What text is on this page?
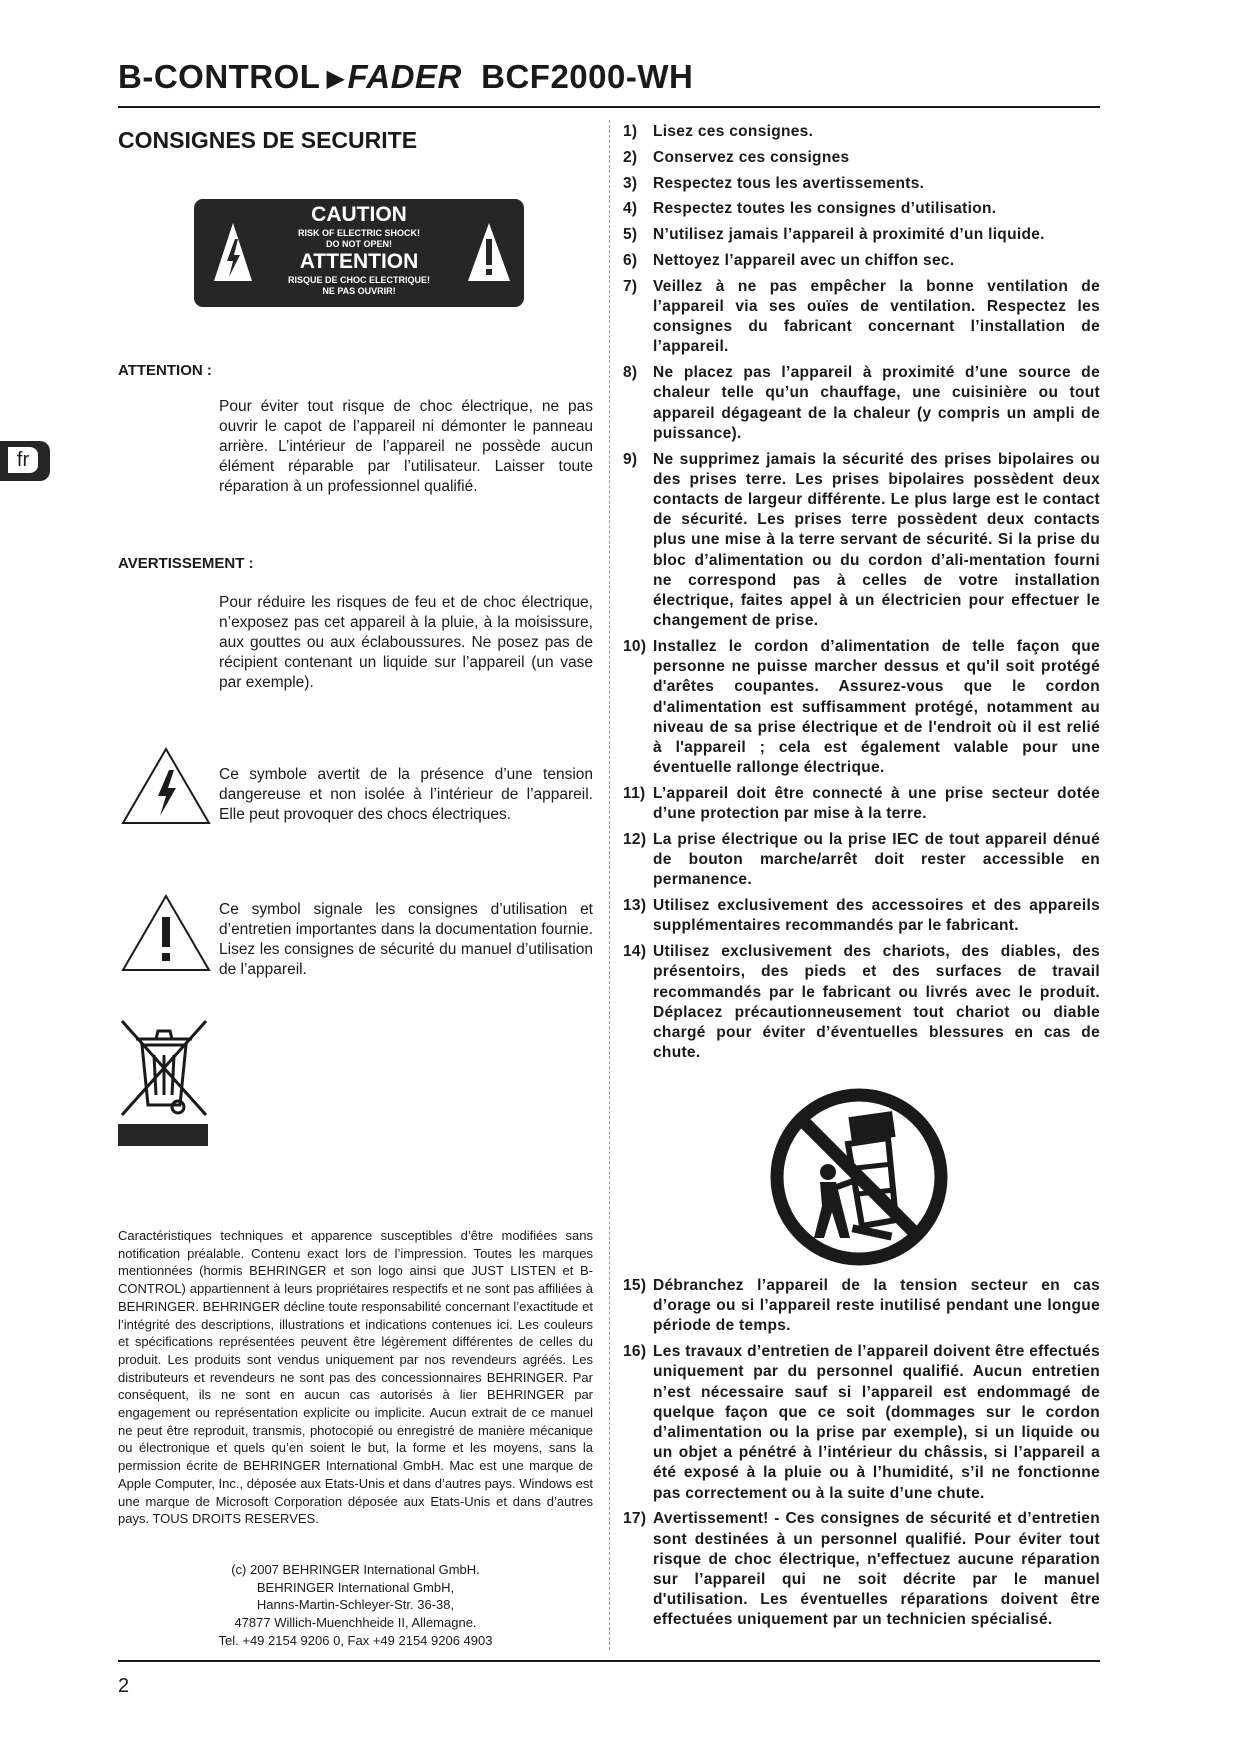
B-CONTROL ▶FADER BCF2000-WH
fr
CONSIGNES DE SECURITE
CAUTION
RISK OF ELECTRIC SHOCK!
DO NOT OPEN!
ATTENTION
RISQUE DE CHOC ELECTRIQUE!
NE PAS OUVRIR!
ATTENTION :
Pour éviter tout risque de choc électrique, ne pas ouvrir le capot de l’appareil ni démonter le panneau arrière. L’intérieur de l’appareil ne possède aucun élément réparable par l’utilisateur. Laisser toute réparation à un professionnel qualifié.
AVERTISSEMENT :
Pour réduire les risques de feu et de choc électrique, n’exposez pas cet appareil à la pluie, à la moisissure, aux gouttes ou aux éclaboussures. Ne posez pas de récipient contenant un liquide sur l’appareil (un vase par exemple).
Ce symbole avertit de la présence d’une tension dangereuse et non isolée à l’intérieur de l’appareil. Elle peut provoquer des chocs électriques.
Ce symbol signale les consignes d’utilisation et d’entretien importantes dans la documentation fournie. Lisez les consignes de sécurité du manuel d’utilisation de l’appareil.
Caractéristiques techniques et apparence susceptibles d’être modifiées sans notification préalable. Contenu exact lors de l’impression. Toutes les marques mentionnées (hormis BEHRINGER et son logo ainsi que JUST LISTEN et B-CONTROL) appartiennent à leurs propriétaires respectifs et ne sont pas affiliées à BEHRINGER. BEHRINGER décline toute responsabilité concernant l’exactitude et l’intégrité des descriptions, illustrations et indications contenues ici. Les couleurs et spécifications représentées peuvent être légèrement différentes de celles du produit. Les produits sont vendus uniquement par nos revendeurs agréés. Les distributeurs et revendeurs ne sont pas des concessionnaires BEHRINGER. Par conséquent, ils ne sont en aucun cas autorisés à lier BEHRINGER par engagement ou représentation explicite ou implicite. Aucun extrait de ce manuel ne peut être reproduit, transmis, photocopié ou enregistré de manière mécanique ou électronique et quels qu’en soient le but, la forme et les moyens, sans la permission écrite de BEHRINGER International GmbH. Mac est une marque de Apple Computer, Inc., déposée aux Etats-Unis et dans d’autres pays. Windows est une marque de Microsoft Corporation déposée aux Etats-Unis et dans d’autres pays. TOUS DROITS RESERVES.
(c) 2007 BEHRINGER International GmbH.
BEHRINGER International GmbH,
Hanns-Martin-Schleyer-Str. 36-38,
47877 Willich-Muenchheide II, Allemagne.
Tel. +49 2154 9206 0, Fax +49 2154 9206 4903
1) Lisez ces consignes.
2) Conservez ces consignes
3) Respectez tous les avertissements.
4) Respectez toutes les consignes d’utilisation.
5) N’utilisez jamais l’appareil à proximité d’un liquide.
6) Nettoyez l’appareil avec un chiffon sec.
7) Veillez à ne pas empêcher la bonne ventilation de l’appareil via ses ouïes de ventilation. Respectez les consignes du fabricant concernant l’installation de l’appareil.
8) Ne placez pas l’appareil à proximité d’une source de chaleur telle qu’un chauffage, une cuisinière ou tout appareil dégageant de la chaleur (y compris un ampli de puissance).
9) Ne supprimez jamais la sécurité des prises bipolaires ou des prises terre. Les prises bipolaires possèdent deux contacts de largeur différente. Le plus large est le contact de sécurité. Les prises terre possèdent deux contacts plus une mise à la terre servant de sécurité. Si la prise du bloc d’alimentation ou du cordon d’ali-mentation fourni ne correspond pas à celles de votre installation électrique, faites appel à un électricien pour effectuer le changement de prise.
10) Installez le cordon d’alimentation de telle façon que personne ne puisse marcher dessus et qu'il soit protégé d'arêtes coupantes. Assurez-vous que le cordon d'alimentation est suffisamment protégé, notamment au niveau de sa prise électrique et de l'endroit où il est relié à l'appareil ; cela est également valable pour une éventuelle rallonge électrique.
11) L’appareil doit être connecté à une prise secteur dotée d’une protection par mise à la terre.
12) La prise électrique ou la prise IEC de tout appareil dénué de bouton marche/arrêt doit rester accessible en permanence.
13) Utilisez exclusivement des accessoires et des appareils supplémentaires recommandés par le fabricant.
14) Utilisez exclusivement des chariots, des diables, des présentoirs, des pieds et des surfaces de travail recommandés par le fabricant ou livrés avec le produit. Déplacez précautionneusement tout chariot ou diable chargé pour éviter d’éventuelles blessures en cas de chute.
15) Débranchez l’appareil de la tension secteur en cas d’orage ou si l’appareil reste inutilisé pendant une longue période de temps.
16) Les travaux d’entretien de l’appareil doivent être effectués uniquement par du personnel qualifié. Aucun entretien n’est nécessaire sauf si l’appareil est endommagé de quelque façon que ce soit (dommages sur le cordon d’alimentation ou la prise par exemple), si un liquide ou un objet a pénétré à l’intérieur du châssis, si l’appareil a été exposé à la pluie ou à l’humidité, s’il ne fonctionne pas correctement ou à la suite d’une chute.
17) Avertissement! - Ces consignes de sécurité et d’entretien sont destinées à un personnel qualifié. Pour éviter tout risque de choc électrique, n'effectuez aucune réparation sur l’appareil qui ne soit décrite par le manuel d'utilisation. Les éventuelles réparations doivent être effectuées uniquement par un technicien spécialisé.
2
